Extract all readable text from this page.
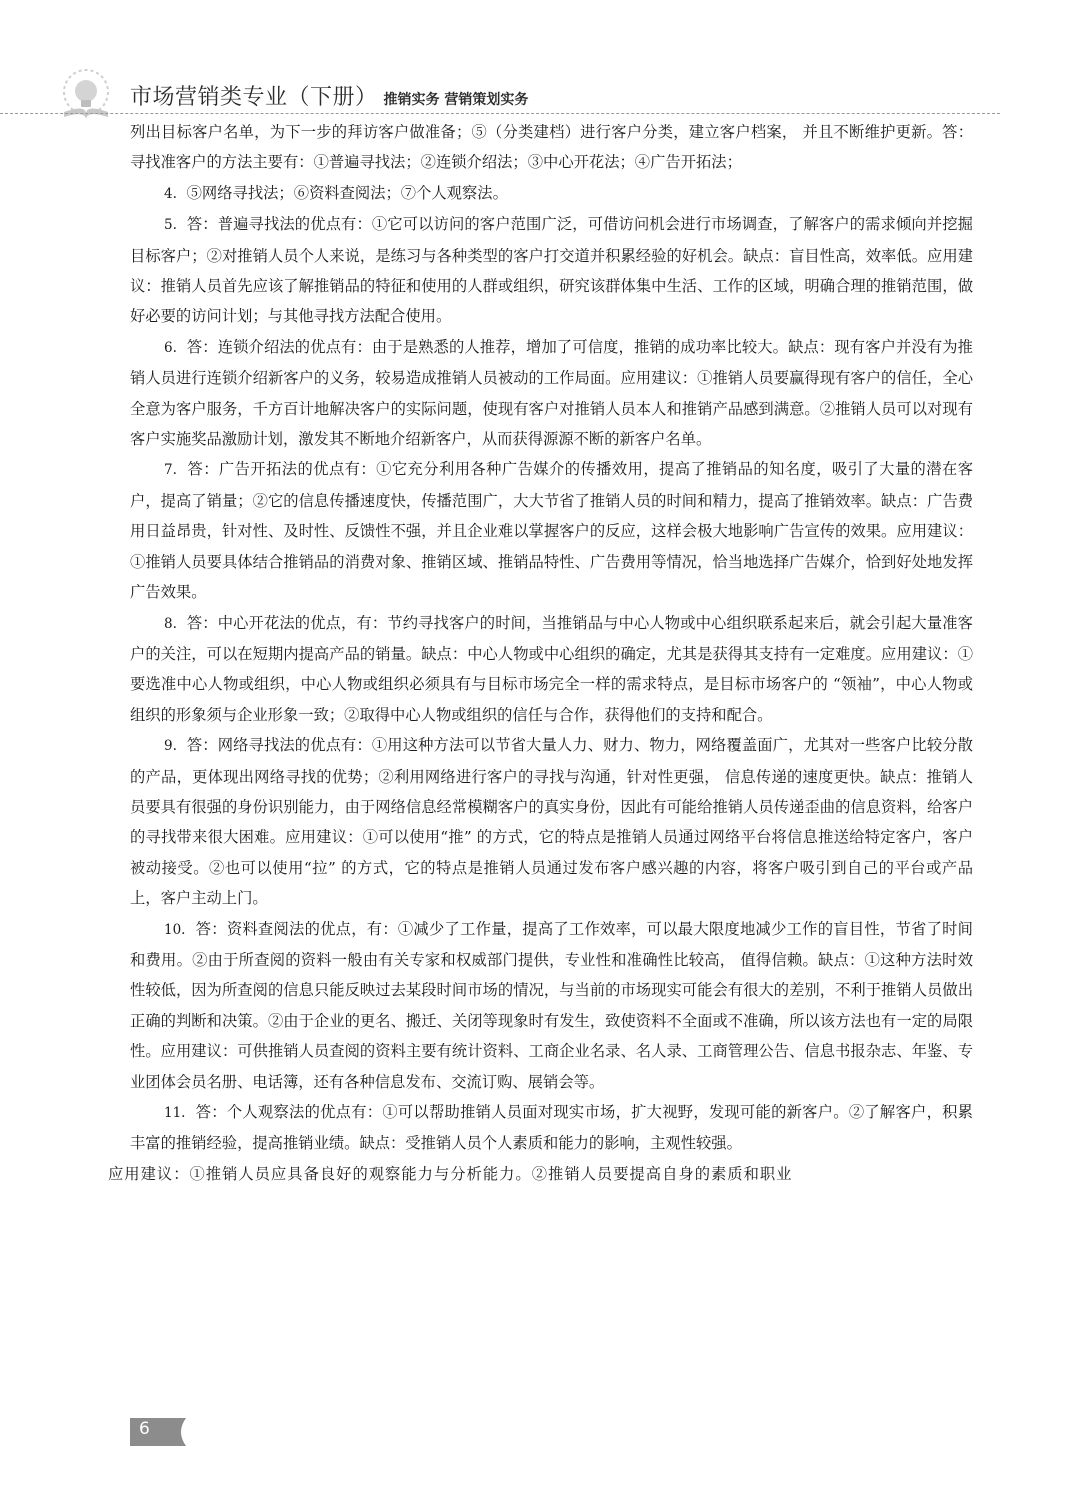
市场营销类专业（下册） 推销实务 营销策划实务

列出目标客户名单，为下一步的拜访客户做准备；⑤（分类建档）进行客户分类，建立客户档案， 并且不断维护更新。答：寻找准客户的方法主要有：①普遍寻找法；②连锁介绍法；③中心开花法；④广告开拓法；

4. ⑤网络寻找法；⑥资料查阅法；⑦个人观察法。

5. 答：普遍寻找法的优点有：①它可以访问的客户范围广泛，可借访问机会进行市场调查，了解客户的需求倾向并挖掘目标客户；②对推销人员个人来说，是练习与各种类型的客户打交道并积累经验的好机会。缺点：盲目性高，效率低。应用建议：推销人员首先应该了解推销品的特征和使用的人群或组织，研究该群体集中生活、工作的区域，明确合理的推销范围，做好必要的访问计划；与其他寻找方法配合使用。

6. 答：连锁介绍法的优点有：由于是熟悉的人推荐，增加了可信度，推销的成功率比较大。缺点：现有客户并没有为推销人员进行连锁介绍新客户的义务，较易造成推销人员被动的工作局面。应用建议：①推销人员要赢得现有客户的信任，全心全意为客户服务，千方百计地解决客户的实际问题，使现有客户对推销人员本人和推销产品感到满意。②推销人员可以对现有客户实施奖品激励计划，激发其不断地介绍新客户，从而获得源源不断的新客户名单。

7. 答：广告开拓法的优点有：①它充分利用各种广告媒介的传播效用，提高了推销品的知名度，吸引了大量的潜在客户，提高了销量；②它的信息传播速度快，传播范围广，大大节省了推销人员的时间和精力，提高了推销效率。缺点：广告费用日益昂贵，针对性、及时性、反馈性不强，并且企业难以掌握客户的反应，这样会极大地影响广告宣传的效果。应用建议：①推销人员要具体结合推销品的消费对象、推销区域、推销品特性、广告费用等情况，恰当地选择广告媒介，恰到好处地发挥广告效果。

8. 答：中心开花法的优点，有：节约寻找客户的时间，当推销品与中心人物或中心组织联系起来后，就会引起大量准客户的关注，可以在短期内提高产品的销量。缺点：中心人物或中心组织的确定，尤其是获得其支持有一定难度。应用建议：①要选准中心人物或组织，中心人物或组织必须具有与目标市场完全一样的需求特点，是目标市场客户的 “领袖”，中心人物或组织的形象须与企业形象一致；②取得中心人物或组织的信任与合作，获得他们的支持和配合。

9. 答：网络寻找法的优点有：①用这种方法可以节省大量人力、财力、物力，网络覆盖面广，尤其对一些客户比较分散的产品，更体现出网络寻找的优势；②利用网络进行客户的寻找与沟通，针对性更强， 信息传递的速度更快。缺点：推销人员要具有很强的身份识别能力，由于网络信息经常模糊客户的真实身份，因此有可能给推销人员传递歪曲的信息资料，给客户的寻找带来很大困难。应用建议：①可以使用“推” 的方式，它的特点是推销人员通过网络平台将信息推送给特定客户，客户被动接受。②也可以使用“拉” 的方式，它的特点是推销人员通过发布客户感兴趣的内容，将客户吸引到自己的平台或产品上，客户主动上门。

10. 答：资料查阅法的优点，有：①减少了工作量，提高了工作效率，可以最大限度地减少工作的盲目性，节省了时间和费用。②由于所查阅的资料一般由有关专家和权威部门提供，专业性和准确性比较高， 值得信赖。缺点：①这种方法时效性较低，因为所查阅的信息只能反映过去某段时间市场的情况，与当前的市场现实可能会有很大的差别，不利于推销人员做出正确的判断和决策。②由于企业的更名、搬迁、关闭等现象时有发生，致使资料不全面或不准确，所以该方法也有一定的局限性。应用建议：可供推销人员查阅的资料主要有统计资料、工商企业名录、名人录、工商管理公告、信息书报杂志、年鉴、专业团体会员名册、电话簿，还有各种信息发布、交流订购、展销会等。

11. 答：个人观察法的优点有：①可以帮助推销人员面对现实市场，扩大视野，发现可能的新客户。②了解客户，积累丰富的推销经验，提高推销业绩。缺点：受推销人员个人素质和能力的影响，主观性较强。

应用建议：①推销人员应具备良好的观察能力与分析能力。②推销人员要提高自身的素质和职业

6
